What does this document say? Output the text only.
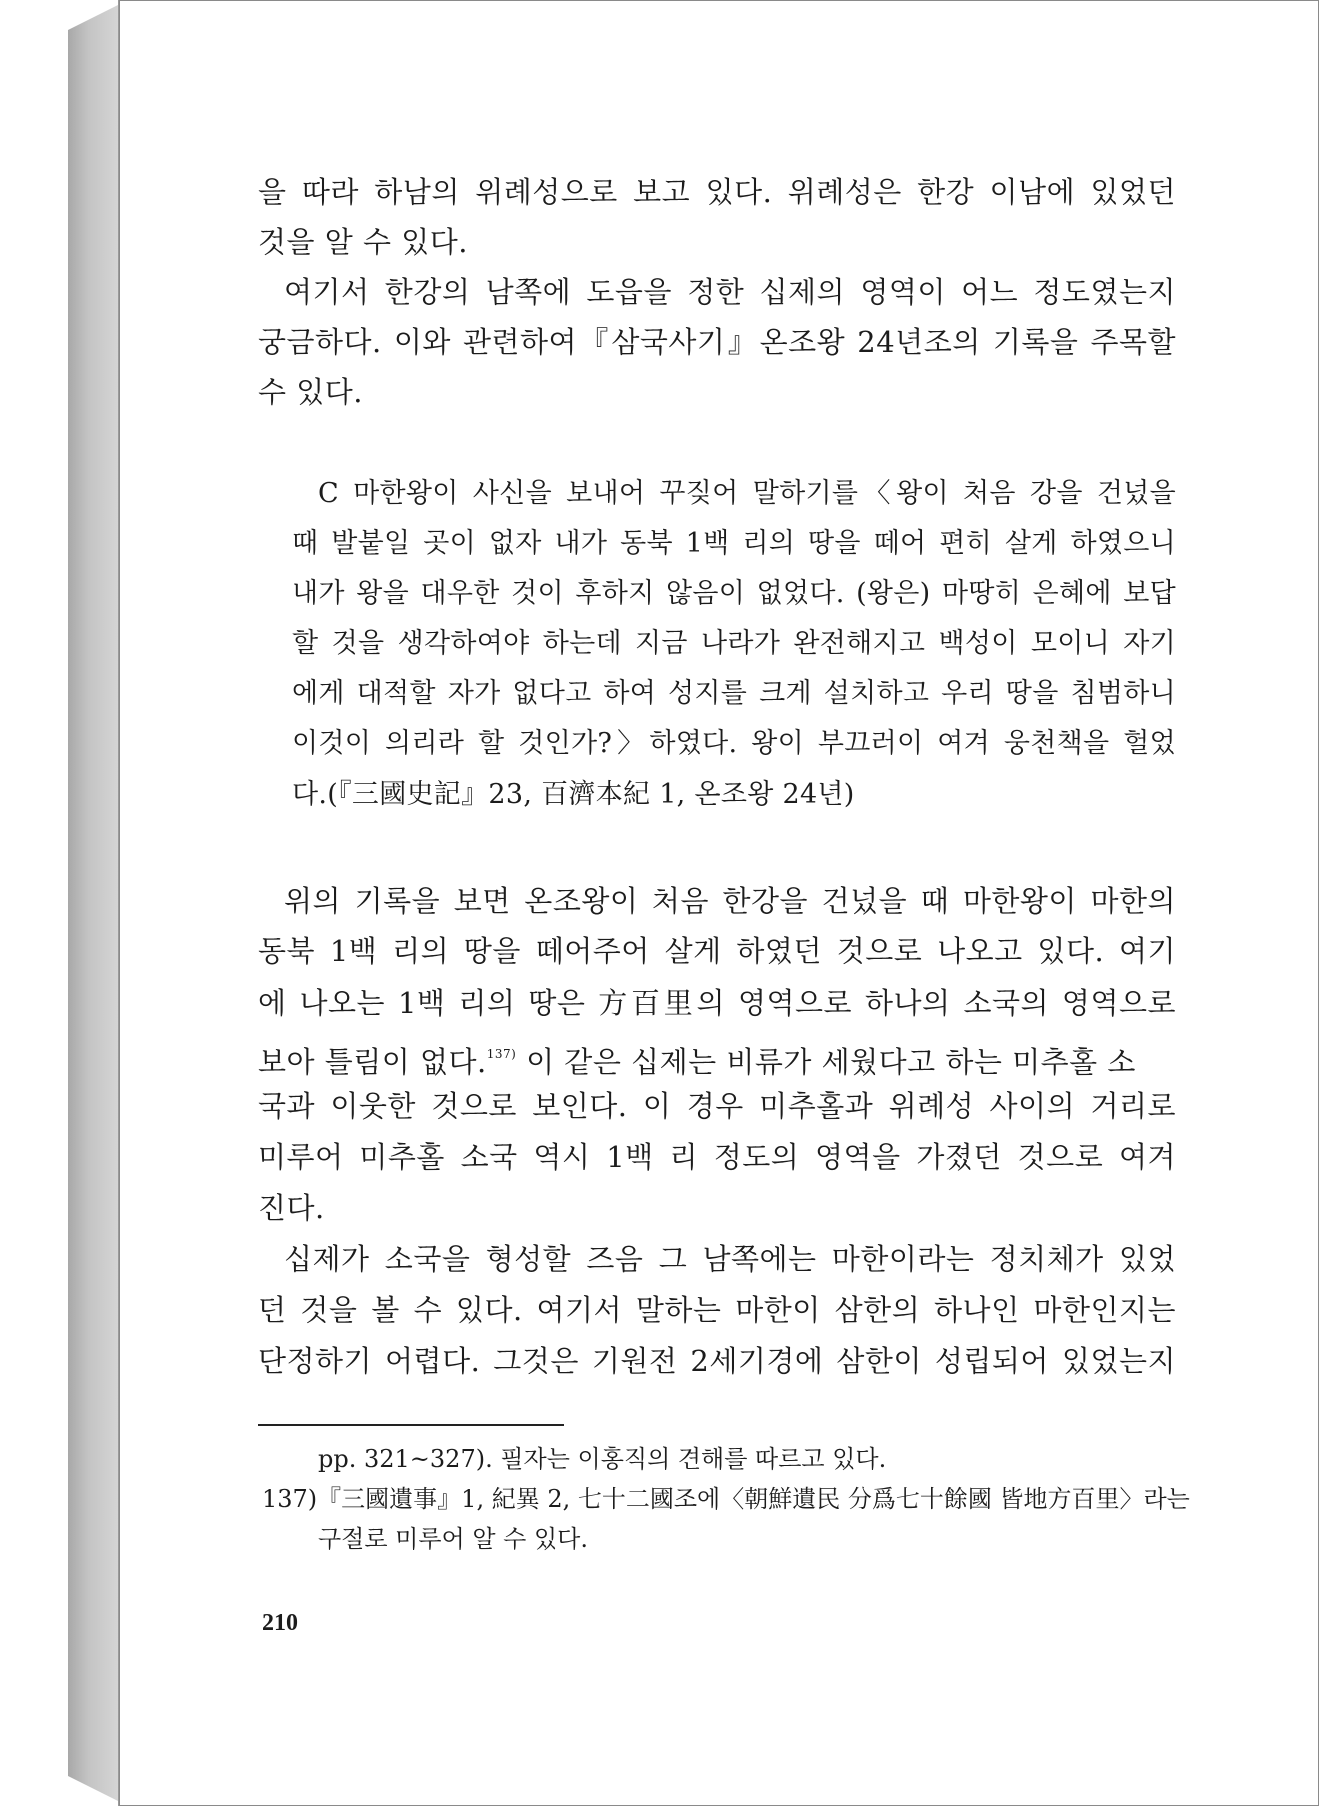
을 따라 하남의 위례성으로 보고 있다. 위례성은 한강 이남에 있었던
것을 알 수 있다.
여기서 한강의 남쪽에 도읍을 정한 십제의 영역이 어느 정도였는지
궁금하다. 이와 관련하여『삼국사기』온조왕 24년조의 기록을 주목할
수 있다.
C 마한왕이 사신을 보내어 꾸짖어 말하기를〈왕이 처음 강을 건넜을
때 발붙일 곳이 없자 내가 동북 1백 리의 땅을 떼어 편히 살게 하였으니
내가 왕을 대우한 것이 후하지 않음이 없었다. (왕은) 마땅히 은혜에 보답
할 것을 생각하여야 하는데 지금 나라가 완전해지고 백성이 모이니 자기
에게 대적할 자가 없다고 하여 성지를 크게 설치하고 우리 땅을 침범하니
이것이 의리라 할 것인가?〉하였다. 왕이 부끄러이 여겨 웅천책을 헐었
다.(『三國史記』23, 百濟本紀 1, 온조왕 24년)
위의 기록을 보면 온조왕이 처음 한강을 건넜을 때 마한왕이 마한의
동북 1백 리의 땅을 떼어주어 살게 하였던 것으로 나오고 있다. 여기
에 나오는 1백 리의 땅은 方百里의 영역으로 하나의 소국의 영역으로
보아 틀림이 없다.$^{137)}$ 이 같은 십제는 비류가 세웠다고 하는 미추홀 소
국과 이웃한 것으로 보인다. 이 경우 미추홀과 위례성 사이의 거리로
미루어 미추홀 소국 역시 1백 리 정도의 영역을 가졌던 것으로 여겨
진다.
십제가 소국을 형성할 즈음 그 남쪽에는 마한이라는 정치체가 있었
던 것을 볼 수 있다. 여기서 말하는 마한이 삼한의 하나인 마한인지는
단정하기 어렵다. 그것은 기원전 2세기경에 삼한이 성립되어 있었는지
pp. 321~327). 필자는 이홍직의 견해를 따르고 있다.
137)『三國遺事』1, 紀異 2, 七十二國조에〈朝鮮遺民 分爲七十餘國 皆地方百里〉라는
구절로 미루어 알 수 있다.
210
